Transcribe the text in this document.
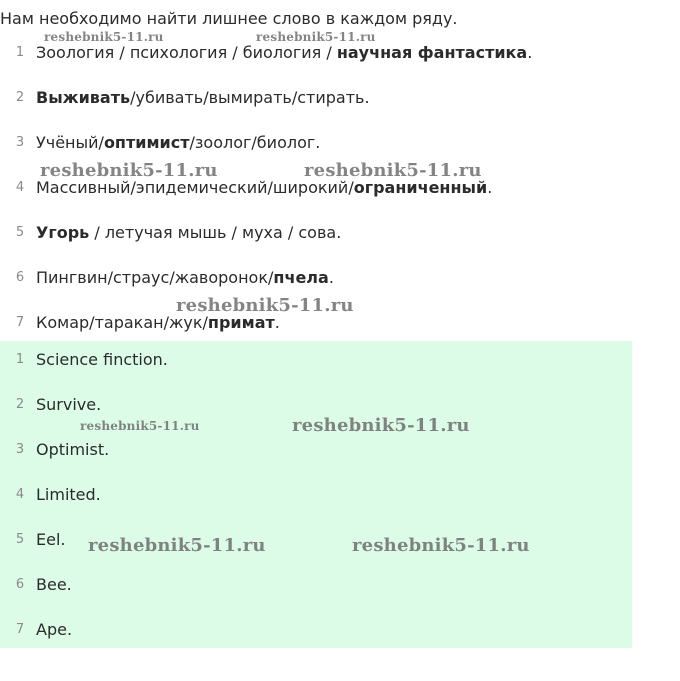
Нам необходимо найти лишнее слово в каждом ряду.
1 Зоология / психология / биология / научная фантастика.
2 Выживать/убивать/вымирать/стирать.
3 Учёный/оптимист/зоолог/биолог.
4 Массивный/эпидемический/широкий/ограниченный.
5 Угорь / летучая мышь / муха / сова.
6 Пингвин/страус/жаворонок/пчела.
7 Комар/таракан/жук/примат.
1 Science finction.
2 Survive.
3 Optimist.
4 Limited.
5 Eel.
6 Bee.
7 Ape.
reshebnik5-11.ru	reshebnik5-11.ru
reshebnik5-11.ru	reshebnik5-11.ru
reshebnik5-11.ru
reshebnik5-11.ru	reshebnik5-11.ru
reshebnik5-11.ru	reshebnik5-11.ru
